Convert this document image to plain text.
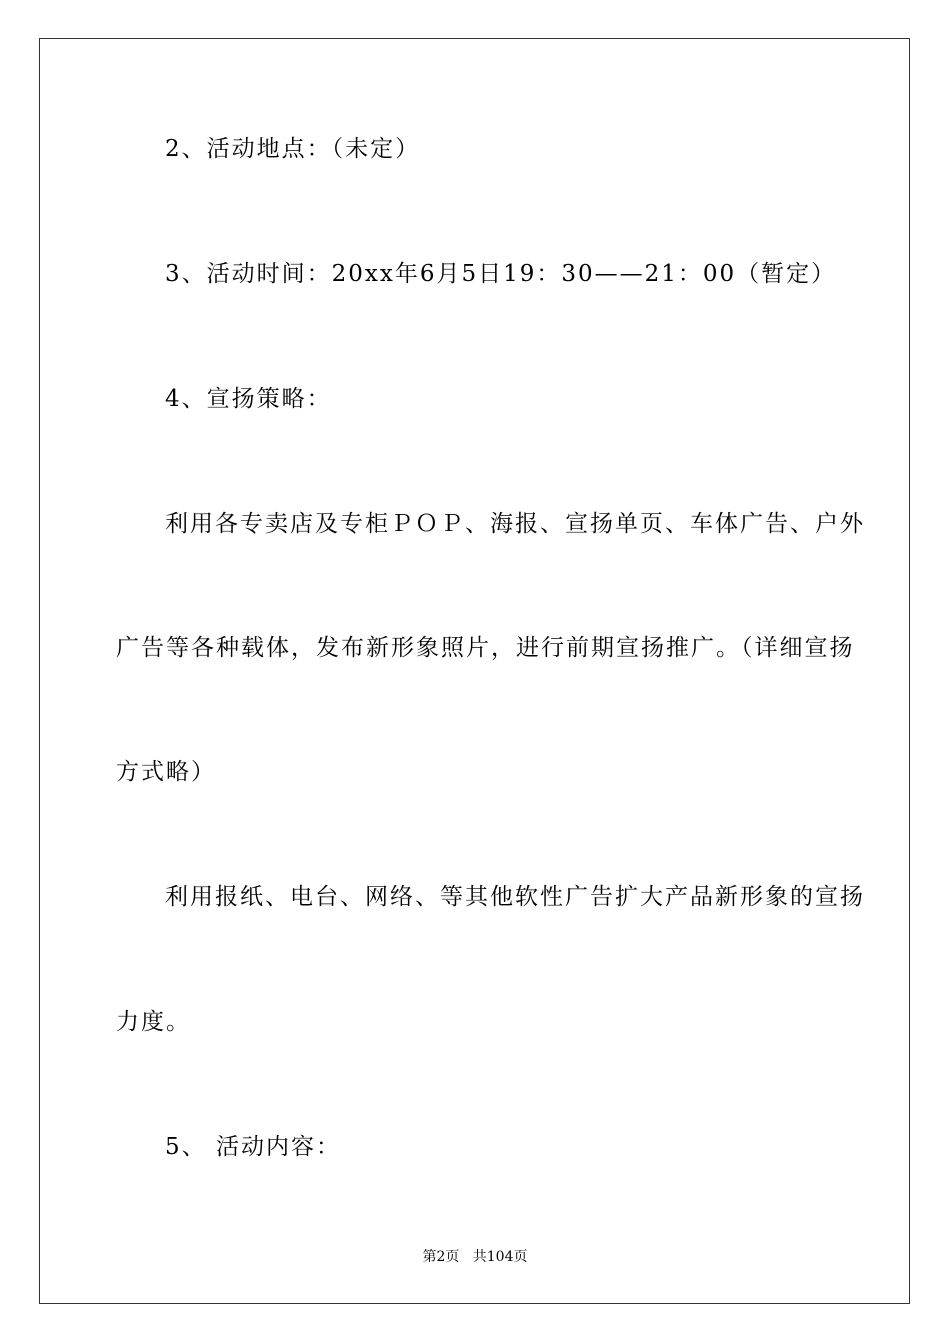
2、活动地点：（未定）
3、活动时间：20xx年6月5日19：30——21：00（暂定）
4、宣扬策略：
利用各专卖店及专柜ＰＯＰ、海报、宣扬单页、车体广告、户外
广告等各种载体，发布新形象照片，进行前期宣扬推广。（详细宣扬
方式略）
利用报纸、电台、网络、等其他软性广告扩大产品新形象的宣扬
力度。
5、 活动内容：
第2页 共104页
